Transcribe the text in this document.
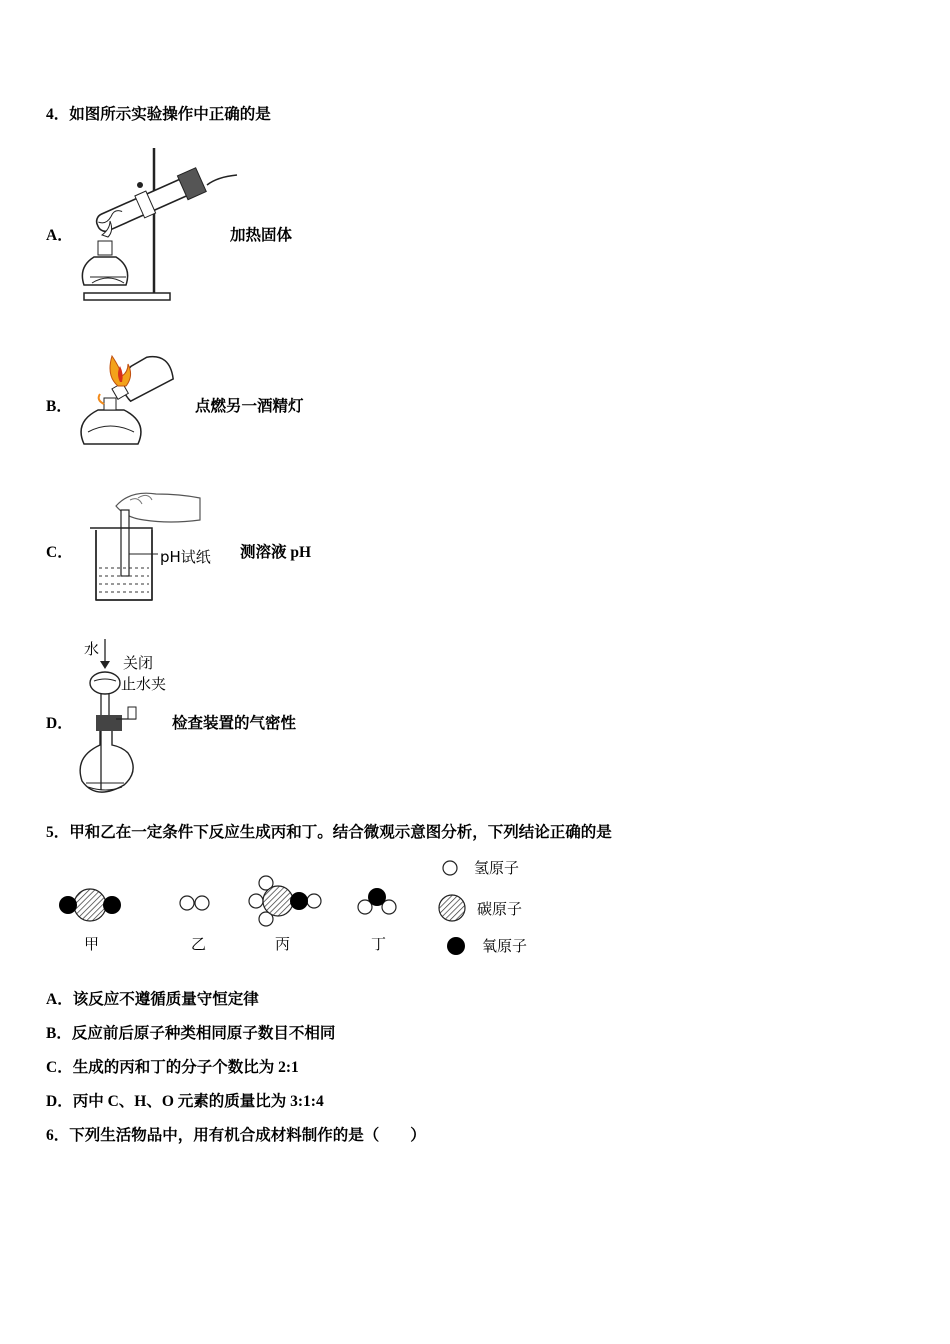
4．如图所示实验操作中正确的是
A．	加热固体
B．	点燃另一酒精灯
C．	pH试纸 测溶液 pH
D．
水
关闭
止水夹
检查装置的气密性
5．甲和乙在一定条件下反应生成丙和丁。结合微观示意图分析，下列结论正确的是
甲	乙	丙	丁
氢原子
碳原子
氧原子
A．该反应不遵循质量守恒定律
B．反应前后原子种类相同原子数目不相同
C．生成的丙和丁的分子个数比为 2:1
D．丙中 C、H、O 元素的质量比为 3:1:4
6．下列生活物品中，用有机合成材料制作的是（　　）
